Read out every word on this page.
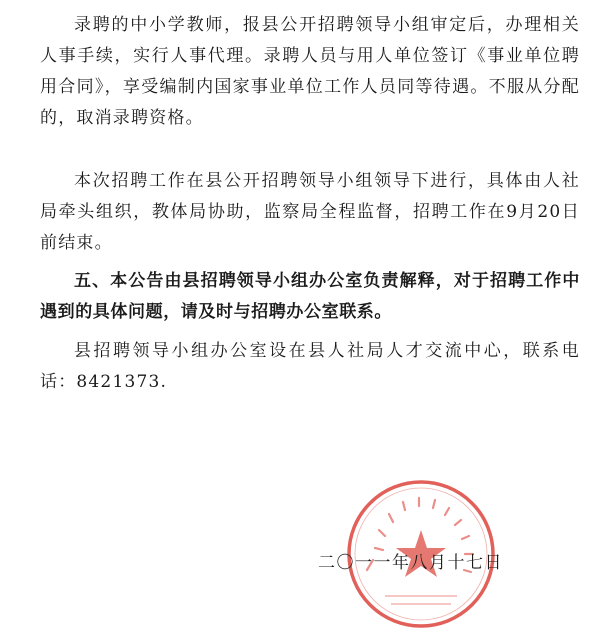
录聘的中小学教师，报县公开招聘领导小组审定后，办理相关人事手续，实行人事代理。录聘人员与用人单位签订《事业单位聘用合同》，享受编制内国家事业单位工作人员同等待遇。不服从分配的，取消录聘资格。

本次招聘工作在县公开招聘领导小组领导下进行，具体由人社局牵头组织，教体局协助，监察局全程监督，招聘工作在9月20日前结束。

五、本公告由县招聘领导小组办公室负责解释，对于招聘工作中遇到的具体问题，请及时与招聘办公室联系。

县招聘领导小组办公室设在县人社局人才交流中心，联系电话：8421373.

二〇一一年八月十七日
